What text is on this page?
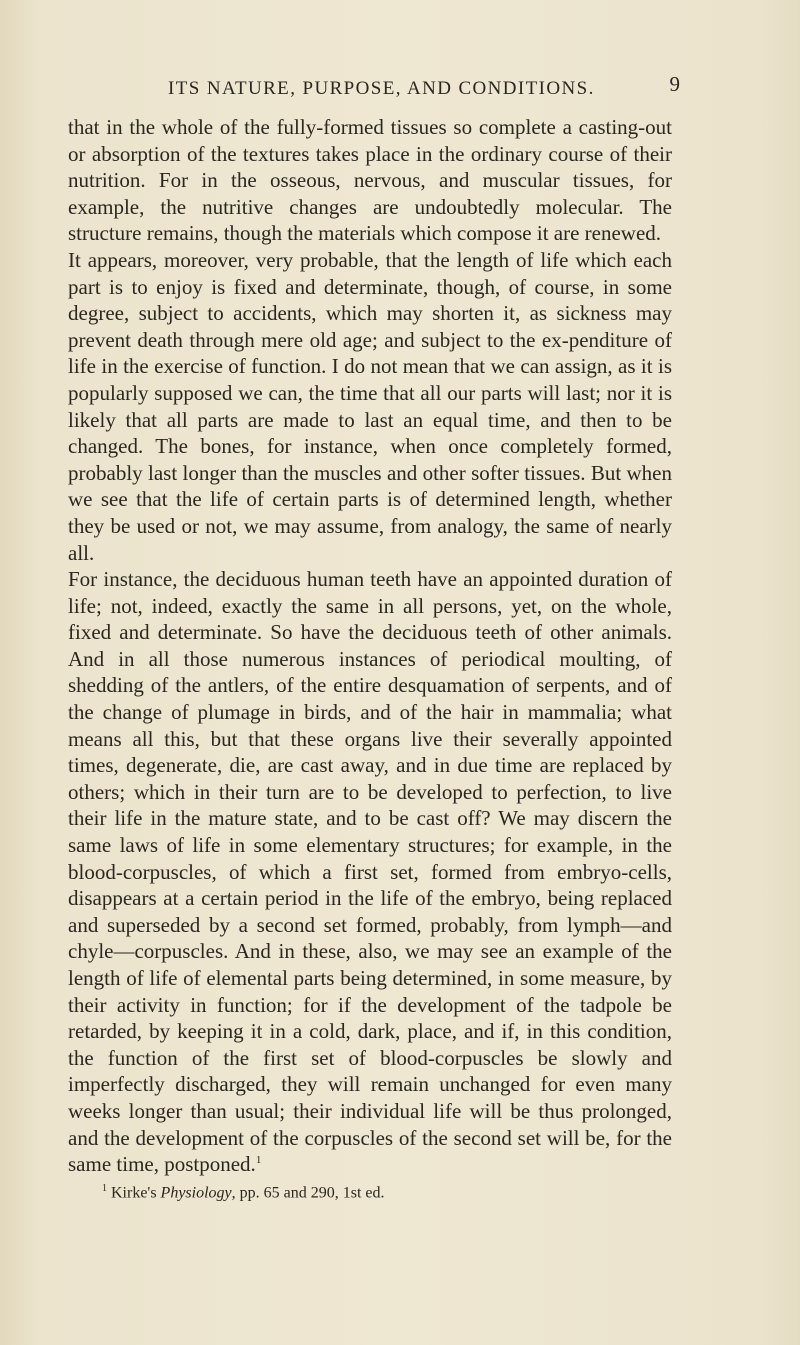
ITS NATURE, PURPOSE, AND CONDITIONS.	9

that in the whole of the fully-formed tissues so complete a casting-out or absorption of the textures takes place in the ordinary course of their nutrition. For in the osseous, nervous, and muscular tissues, for example, the nutritive changes are undoubtedly molecular. The structure remains, though the materials which compose it are renewed.

It appears, moreover, very probable, that the length of life which each part is to enjoy is fixed and determinate, though, of course, in some degree, subject to accidents, which may shorten it, as sickness may prevent death through mere old age; and subject to the ex-penditure of life in the exercise of function. I do not mean that we can assign, as it is popularly supposed we can, the time that all our parts will last; nor it is likely that all parts are made to last an equal time, and then to be changed. The bones, for instance, when once completely formed, probably last longer than the muscles and other softer tissues. But when we see that the life of certain parts is of determined length, whether they be used or not, we may assume, from analogy, the same of nearly all.

For instance, the deciduous human teeth have an appointed duration of life; not, indeed, exactly the same in all persons, yet, on the whole, fixed and determinate. So have the deciduous teeth of other animals. And in all those numerous instances of periodical moulting, of shedding of the antlers, of the entire desquamation of serpents, and of the change of plumage in birds, and of the hair in mammalia; what means all this, but that these organs live their severally appointed times, degenerate, die, are cast away, and in due time are replaced by others; which in their turn are to be developed to perfection, to live their life in the mature state, and to be cast off? We may discern the same laws of life in some elementary structures; for example, in the blood-corpuscles, of which a first set, formed from embryo-cells, disappears at a certain period in the life of the embryo, being replaced and superseded by a second set formed, probably, from lymph—and chyle—corpuscles. And in these, also, we may see an example of the length of life of elemental parts being determined, in some measure, by their activity in function; for if the development of the tadpole be retarded, by keeping it in a cold, dark, place, and if, in this condition, the function of the first set of blood-corpuscles be slowly and imperfectly discharged, they will remain unchanged for even many weeks longer than usual; their individual life will be thus prolonged, and the development of the corpuscles of the second set will be, for the same time, postponed.$^1$

$^1$ Kirke's Physiology, pp. 65 and 290, 1st ed.
